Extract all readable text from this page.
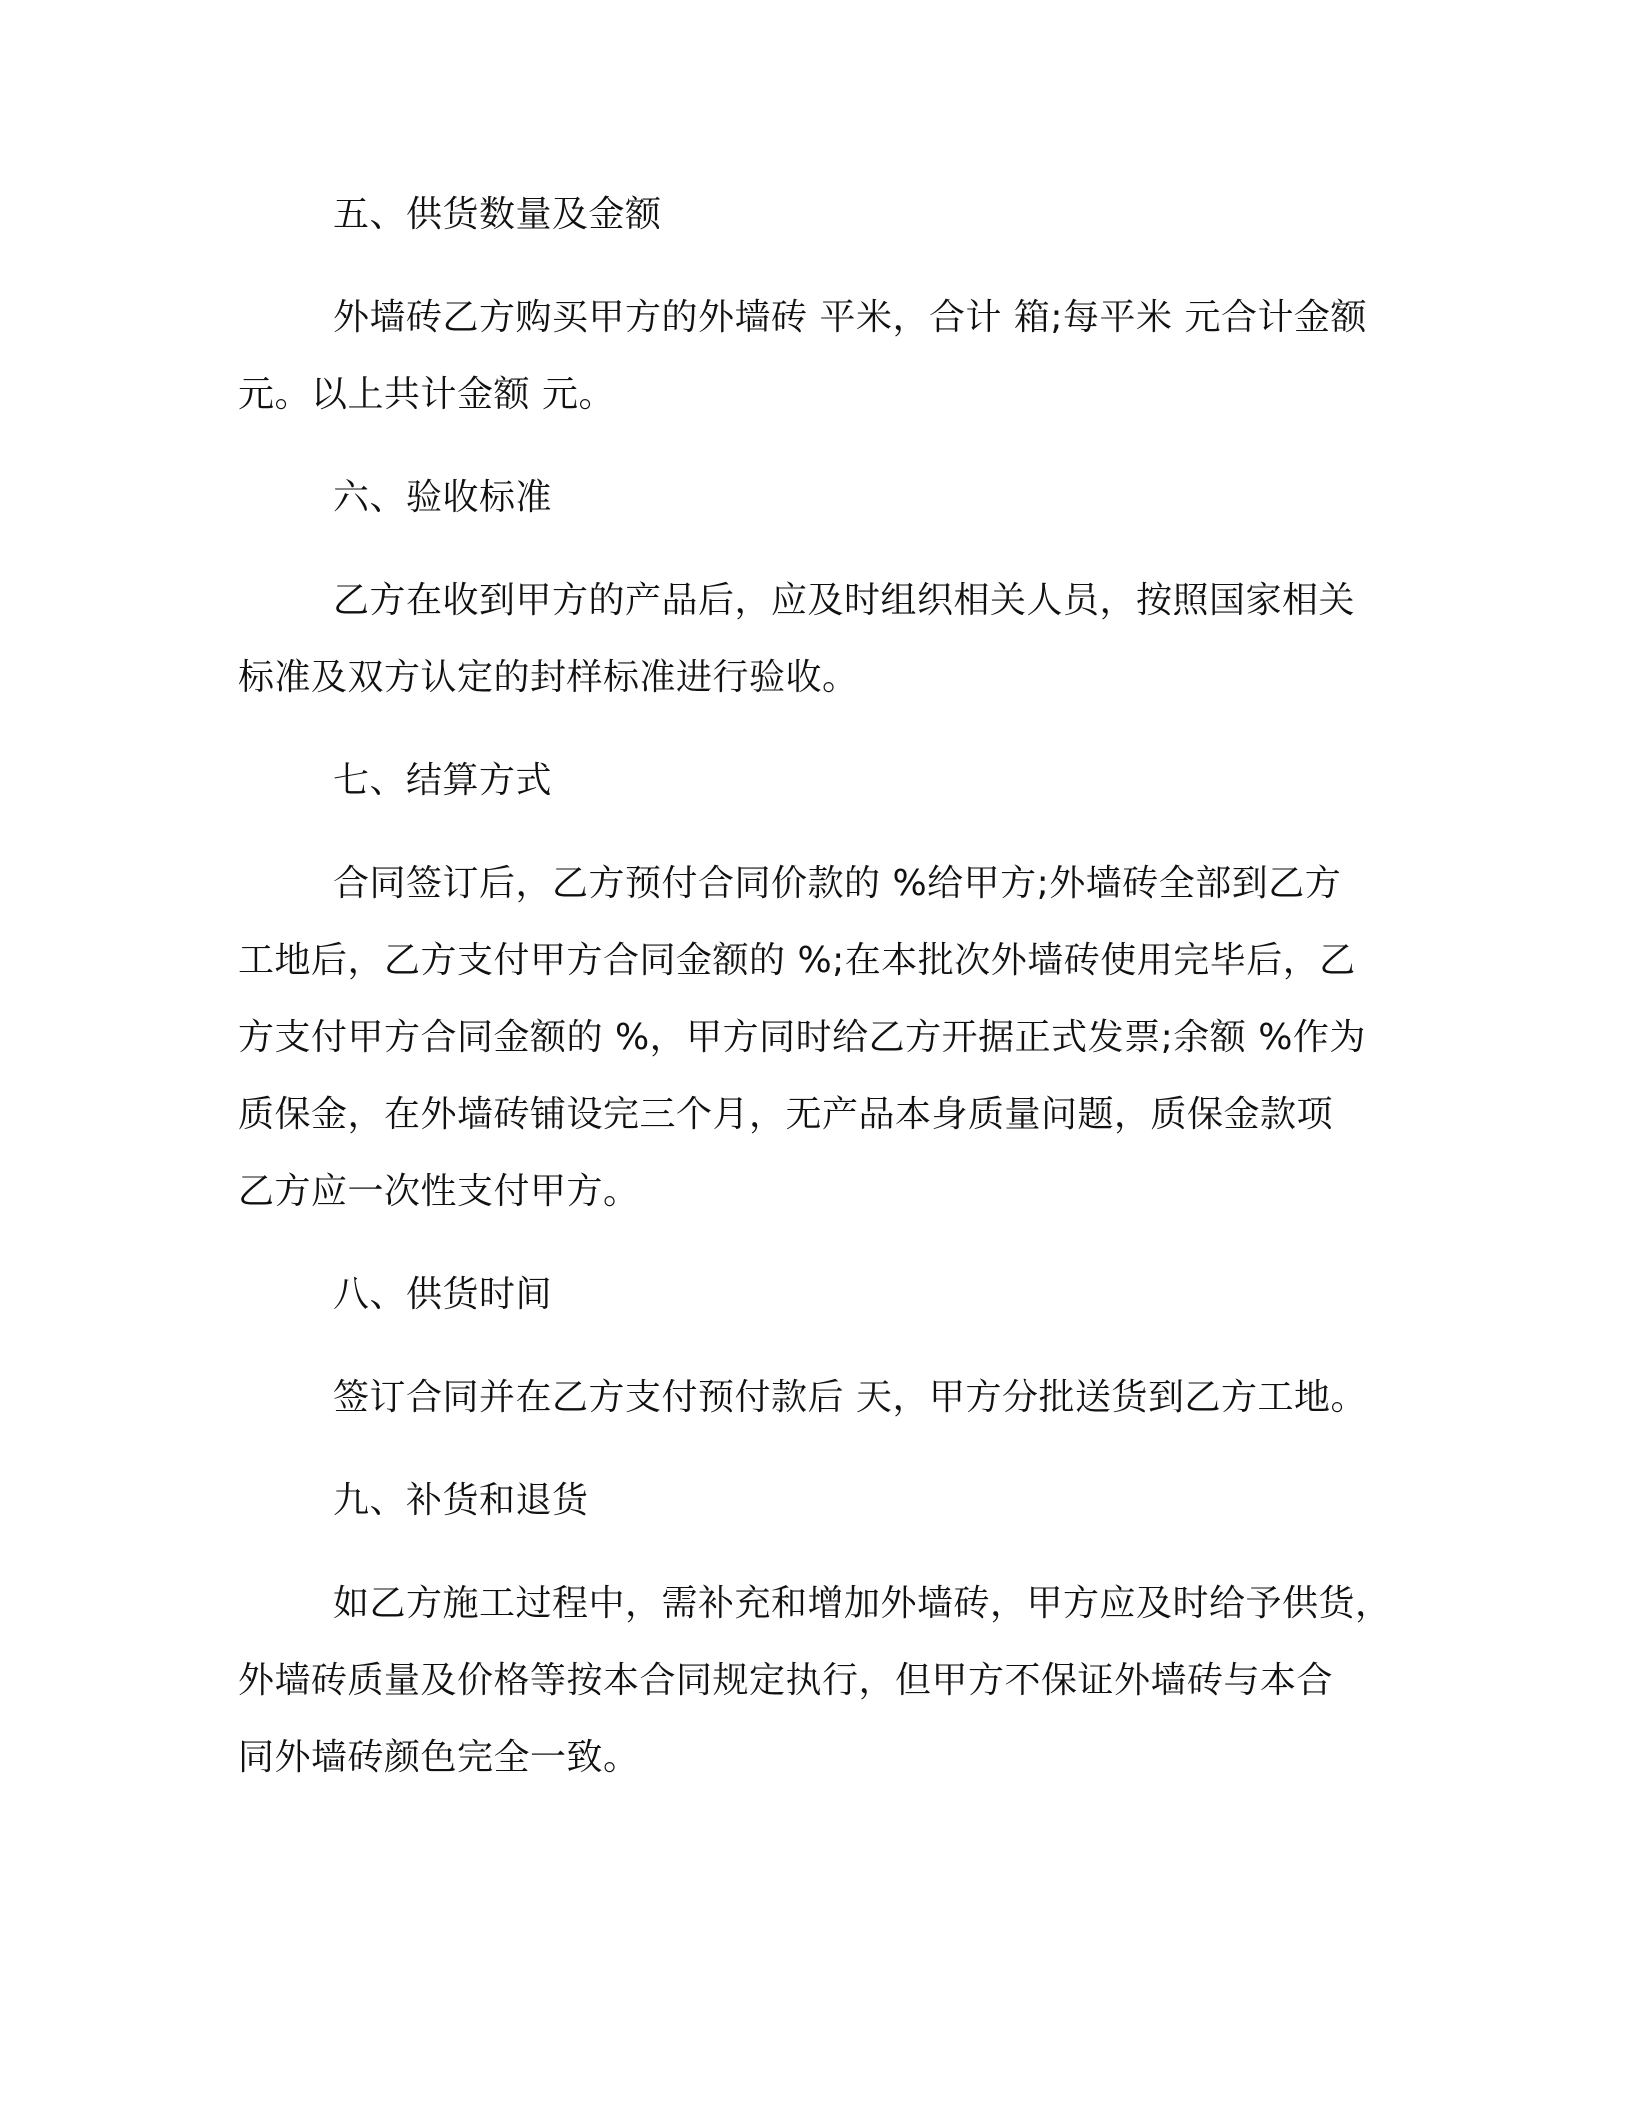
五、供货数量及金额
外墙砖乙方购买甲方的外墙砖 平米，合计 箱;每平米 元合计金额
元。以上共计金额 元。
六、验收标准
乙方在收到甲方的产品后，应及时组织相关人员，按照国家相关
标准及双方认定的封样标准进行验收。
七、结算方式
合同签订后，乙方预付合同价款的 %给甲方;外墙砖全部到乙方
工地后，乙方支付甲方合同金额的 %;在本批次外墙砖使用完毕后，乙
方支付甲方合同金额的 %，甲方同时给乙方开据正式发票;余额 %作为
质保金，在外墙砖铺设完三个月，无产品本身质量问题，质保金款项
乙方应一次性支付甲方。
八、供货时间
签订合同并在乙方支付预付款后 天，甲方分批送货到乙方工地。
九、补货和退货
如乙方施工过程中，需补充和增加外墙砖，甲方应及时给予供货，
外墙砖质量及价格等按本合同规定执行，但甲方不保证外墙砖与本合
同外墙砖颜色完全一致。
